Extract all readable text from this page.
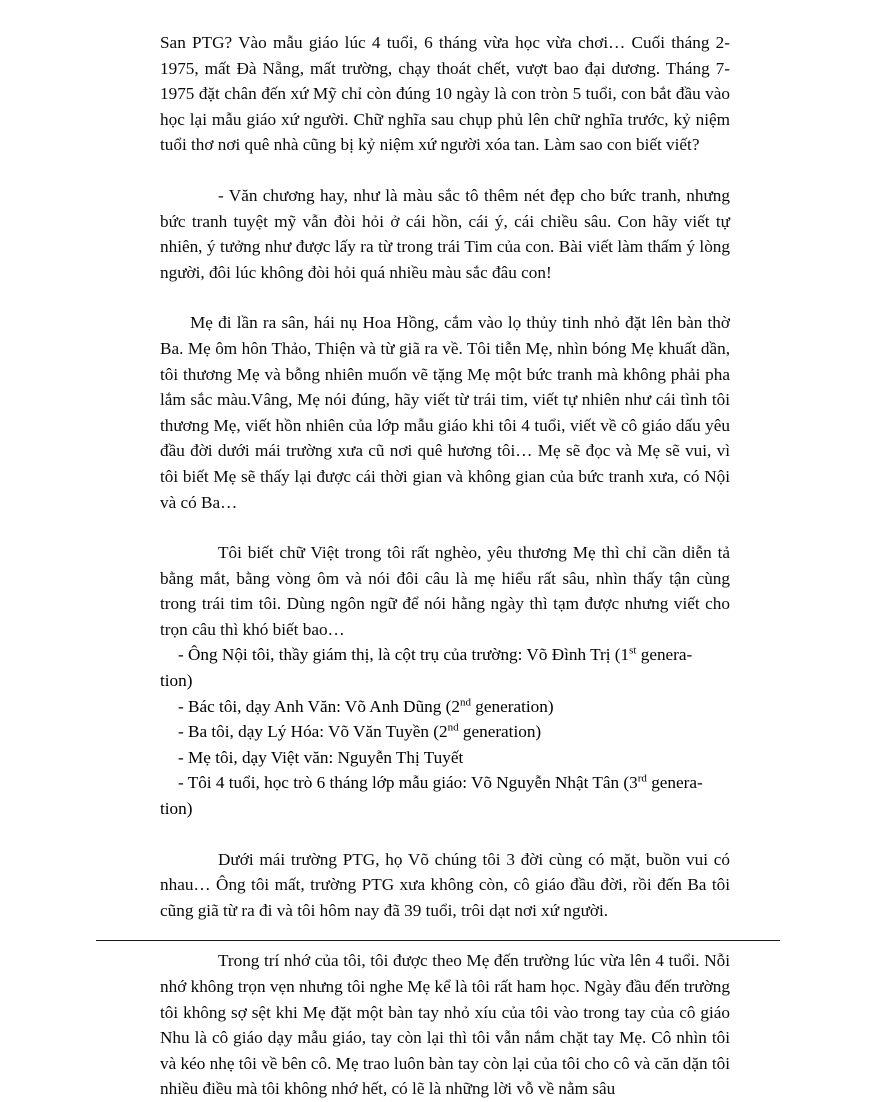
San PTG? Vào mẫu giáo lúc 4 tuổi, 6 tháng vừa học vừa chơi… Cuối tháng 2-1975, mất Đà Nẵng, mất trường, chạy thoát chết, vượt bao đại dương. Tháng 7-1975 đặt chân đến xứ Mỹ chỉ còn đúng 10 ngày là con tròn 5 tuổi, con bắt đầu vào học lại mẫu giáo xứ người. Chữ nghĩa sau chụp phủ lên chữ nghĩa trước, kỷ niệm tuổi thơ nơi quê nhà cũng bị kỷ niệm xứ người xóa tan. Làm sao con biết viết?

- Văn chương hay, như là màu sắc tô thêm nét đẹp cho bức tranh, nhưng bức tranh tuyệt mỹ vẫn đòi hỏi ở cái hồn, cái ý, cái chiều sâu. Con hãy viết tự nhiên, ý tưởng như được lấy ra từ trong trái Tim của con. Bài viết làm thấm ý lòng người, đôi lúc không đòi hỏi quá nhiều màu sắc đâu con!

Mẹ đi lần ra sân, hái nụ Hoa Hồng, cắm vào lọ thủy tinh nhỏ đặt lên bàn thờ Ba. Mẹ ôm hôn Thảo, Thiện và từ giã ra về. Tôi tiễn Mẹ, nhìn bóng Mẹ khuất dần, tôi thương Mẹ và bỗng nhiên muốn vẽ tặng Mẹ một bức tranh mà không phải pha lắm sắc màu.Vâng, Mẹ nói đúng, hãy viết từ trái tim, viết tự nhiên như cái tình tôi thương Mẹ, viết hồn nhiên của lớp mẫu giáo khi tôi 4 tuổi, viết về cô giáo dấu yêu đầu đời dưới mái trường xưa cũ nơi quê hương tôi… Mẹ sẽ đọc và Mẹ sẽ vui, vì tôi biết Mẹ sẽ thấy lại được cái thời gian và không gian của bức tranh xưa, có Nội và có Ba…

Tôi biết chữ Việt trong tôi rất nghèo, yêu thương Mẹ thì chỉ cần diễn tả bằng mắt, bằng vòng ôm và nói đôi câu là mẹ hiểu rất sâu, nhìn thấy tận cùng trong trái tim tôi. Dùng ngôn ngữ để nói hằng ngày thì tạm được nhưng viết cho trọn câu thì khó biết bao…

- Ông Nội tôi, thầy giám thị, là cột trụ của trường: Võ Đình Trị (1st genera-

tion)

- Bác tôi, dạy Anh Văn: Võ Anh Dũng (2nd generation)

- Ba tôi, dạy Lý Hóa: Võ Văn Tuyền (2nd generation)

- Mẹ tôi, dạy Việt văn: Nguyễn Thị Tuyết

- Tôi 4 tuổi, học trò 6 tháng lớp mẫu giáo: Võ Nguyễn Nhật Tân (3rd genera-

tion)

Dưới mái trường PTG, họ Võ chúng tôi 3 đời cùng có mặt, buồn vui có nhau… Ông tôi mất, trường PTG xưa không còn, cô giáo đầu đời, rồi đến Ba tôi cũng giã từ ra đi và tôi hôm nay đã 39 tuổi, trôi dạt nơi xứ người.

Trong trí nhớ của tôi, tôi được theo Mẹ đến trường lúc vừa lên 4 tuổi. Nỗi nhớ không trọn vẹn nhưng tôi nghe Mẹ kể là tôi rất ham học. Ngày đầu đến trường tôi không sợ sệt khi Mẹ đặt một bàn tay nhỏ xíu của tôi vào trong tay của cô giáo Nhu là cô giáo dạy mẫu giáo, tay còn lại thì tôi vẫn nắm chặt tay Mẹ. Cô nhìn tôi và kéo nhẹ tôi về bên cô. Mẹ trao luôn bàn tay còn lại của tôi cho cô và căn dặn tôi nhiều điều mà tôi không nhớ hết, có lẽ là những lời vỗ về nằm sâu
